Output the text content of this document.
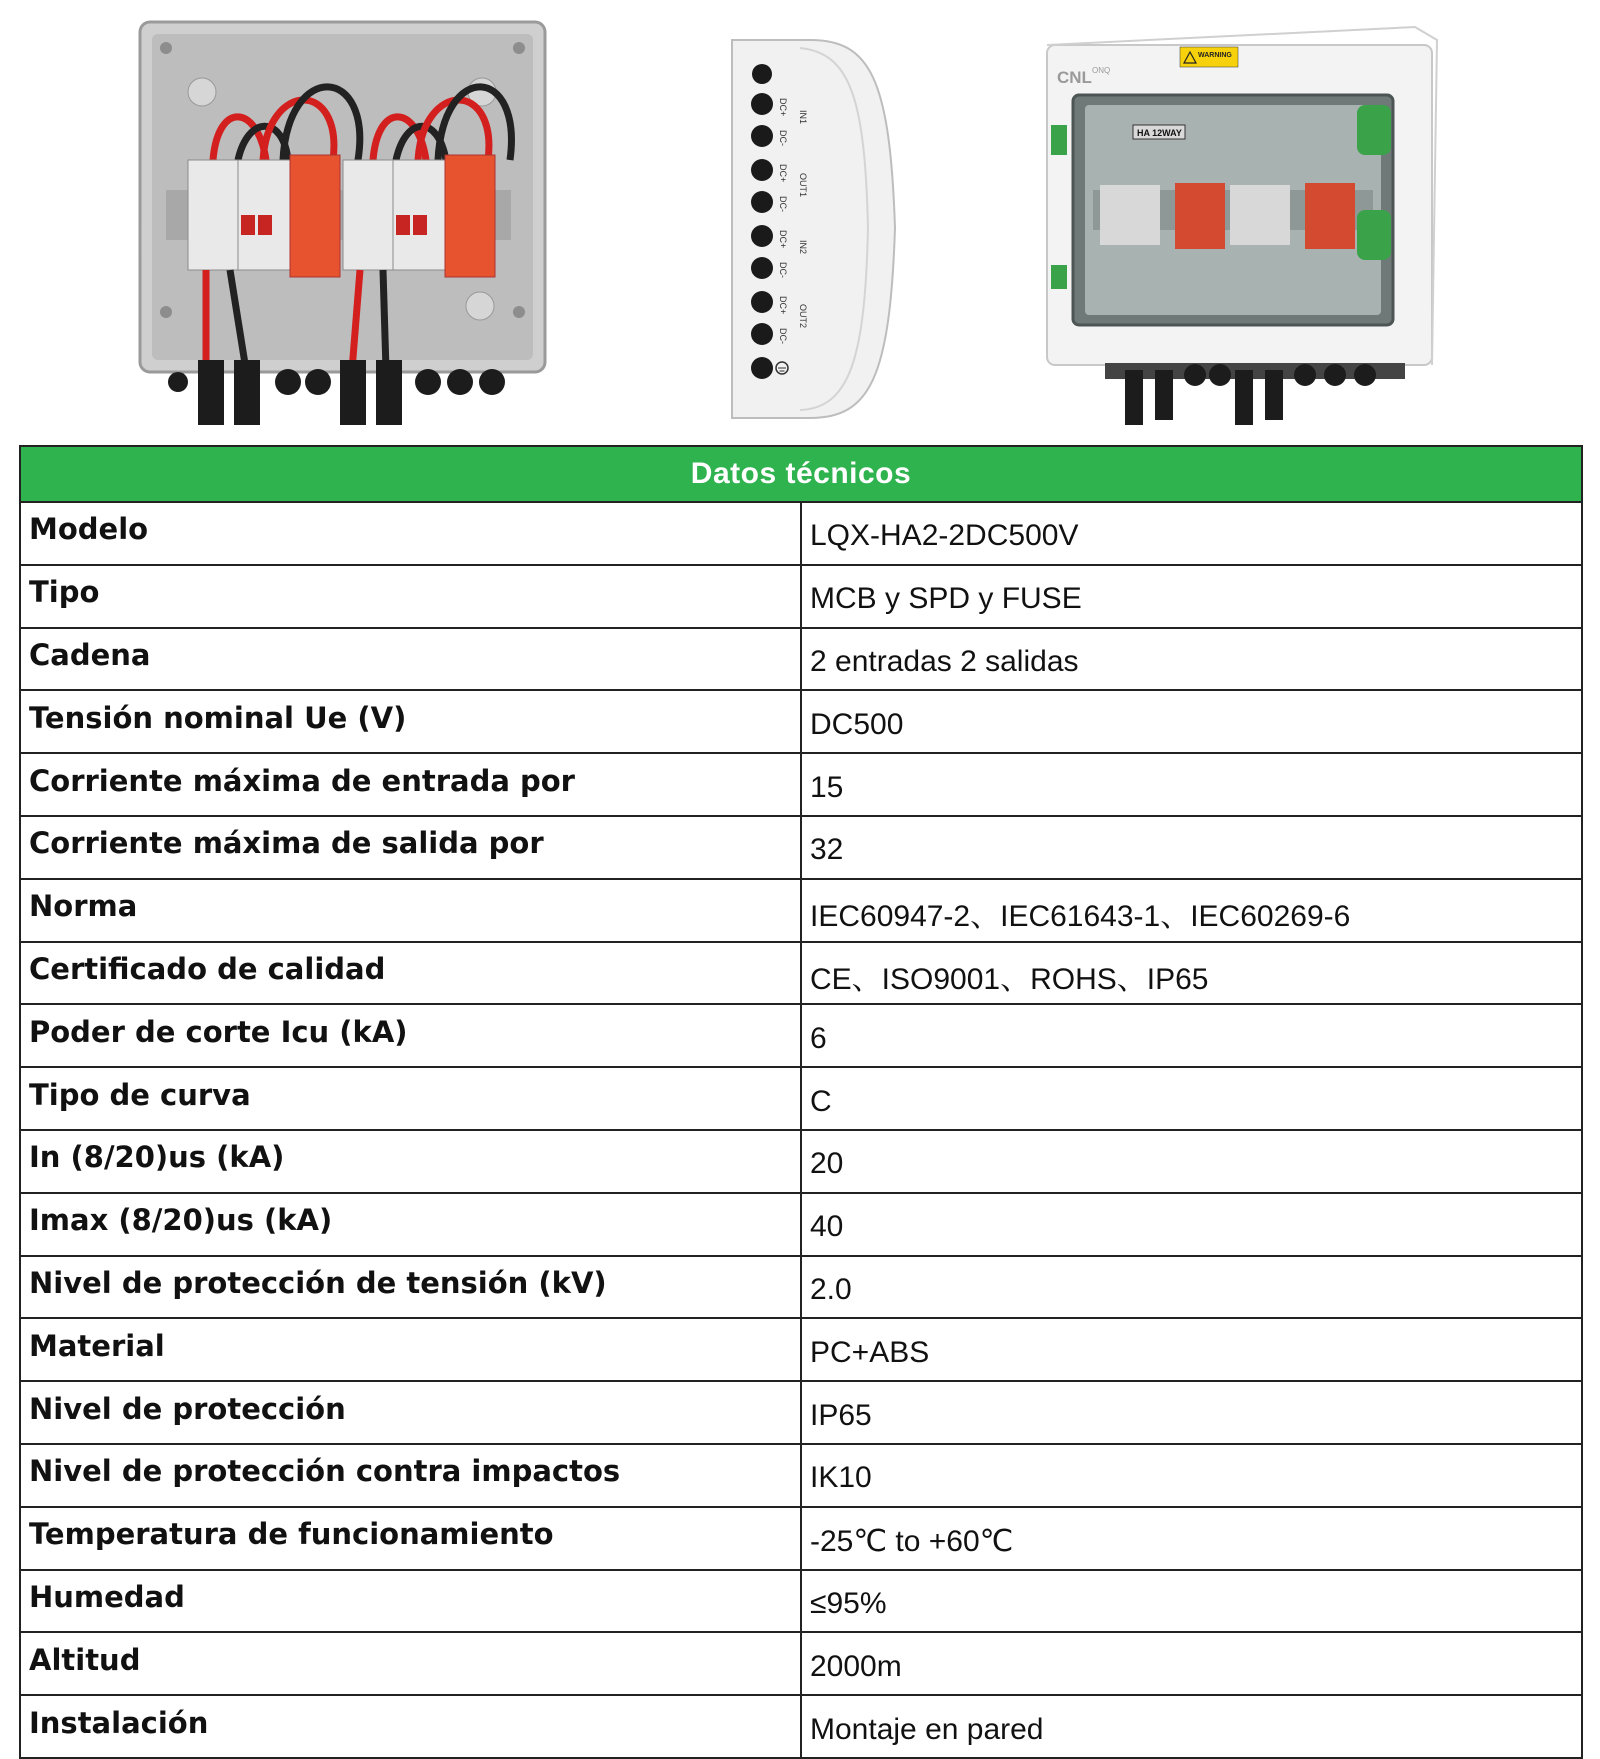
DC+
DC-
DC+
DC-
DC+
DC-
DC+
DC-
IN1
OUT1
IN2
OUT2
CNL ONQ
WARNING
HA 12WAY
Datos técnicos	
Modelo	LQX-HA2-2DC500V
Tipo	MCB y SPD y FUSE
Cadena	2 entradas 2 salidas
Tensión nominal Ue (V)	DC500
Corriente máxima de entrada por	15
Corriente máxima de salida por	32
Norma	IEC60947-2、IEC61643-1、IEC60269-6
Certificado de calidad	CE、ISO9001、ROHS、IP65
Poder de corte Icu (kA)	6
Tipo de curva	C
In (8/20)us (kA)	20
Imax (8/20)us (kA)	40
Nivel de protección de tensión (kV)	2.0
Material	PC+ABS
Nivel de protección	IP65
Nivel de protección contra impactos	IK10
Temperatura de funcionamiento	-25℃ to +60℃
Humedad	≤95%
Altitud	2000m
Instalación	Montaje en pared
